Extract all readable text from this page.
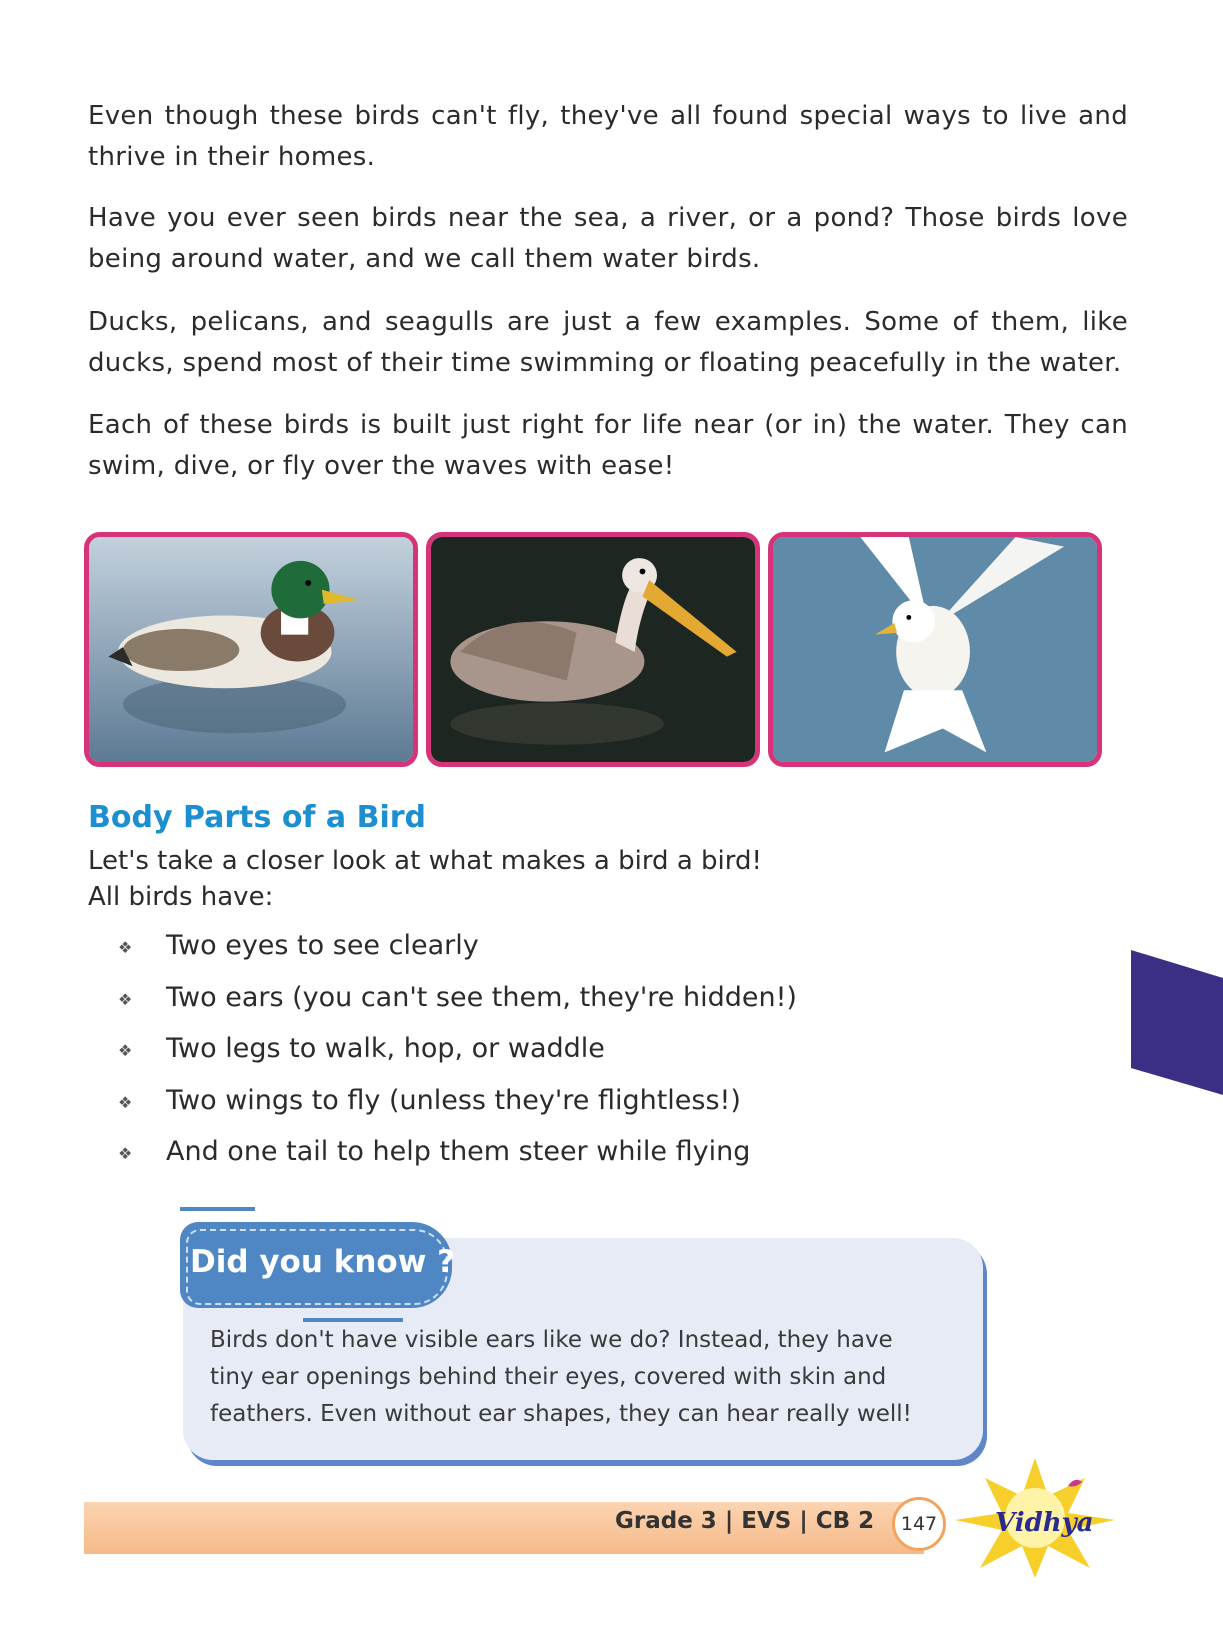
Even though these birds can't fly, they've all found special ways to live and thrive in their homes.

Have you ever seen birds near the sea, a river, or a pond? Those birds love being around water, and we call them water birds.

Ducks, pelicans, and seagulls are just a few examples. Some of them, like ducks, spend most of their time swimming or floating peacefully in the water.

Each of these birds is built just right for life near (or in) the water. They can swim, dive, or fly over the waves with ease!

Body Parts of a Bird

Let's take a closer look at what makes a bird a bird!

All birds have:

❖	Two eyes to see clearly
❖	Two ears (you can't see them, they're hidden!)
❖	Two legs to walk, hop, or waddle
❖	Two wings to fly (unless they're flightless!)
❖	And one tail to help them steer while flying
Did you know ?
Birds don't have visible ears like we do? Instead, they have
tiny ear openings behind their eyes, covered with skin and
feathers. Even without ear shapes, they can hear really well!

Grade 3 | EVS | CB 2	147	Vidhya
